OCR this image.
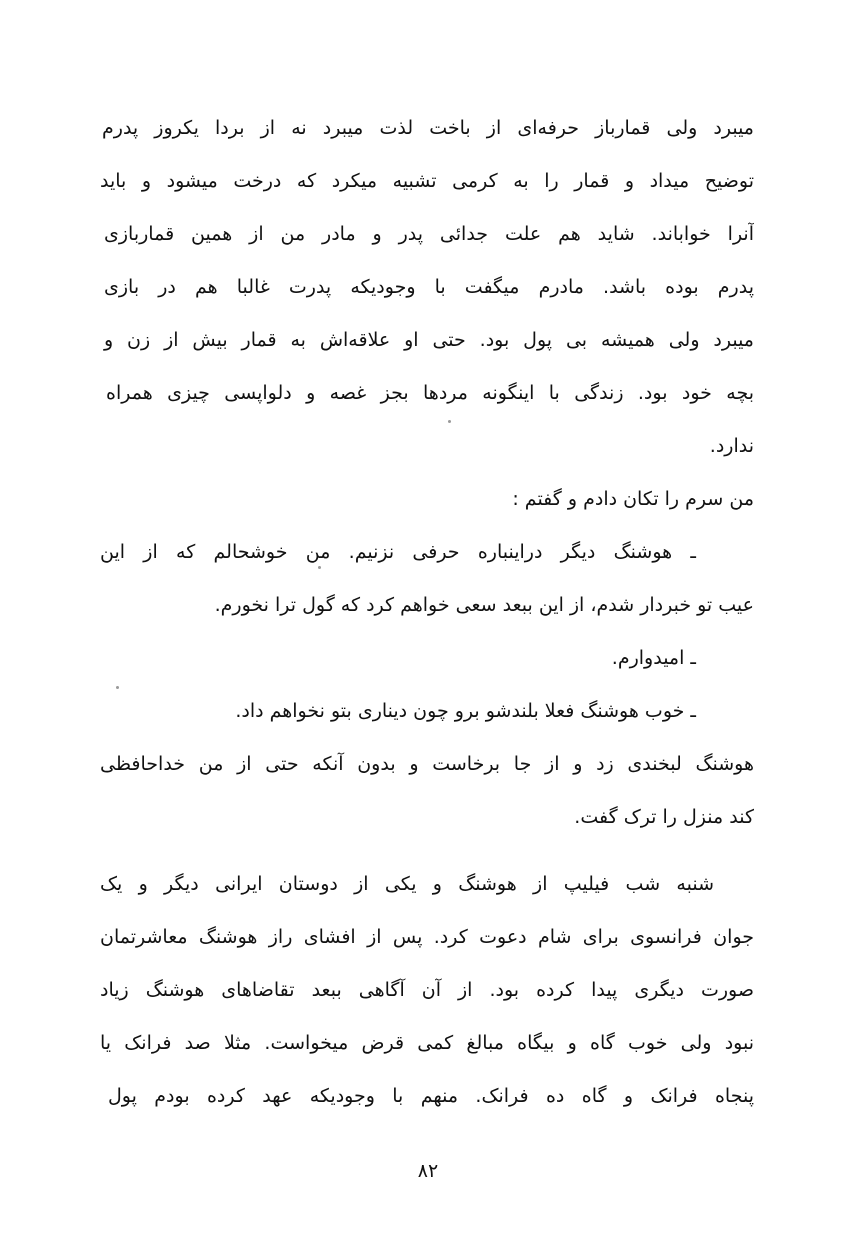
میبرد ولی قمارباز حرفه‌ای از باخت لذت میبرد نه از بردا یکروز پدرم
توضیح میداد و قمار را به کرمی تشبیه میکرد که درخت میشود و باید
آنرا خواباند. شاید هم علت جدائی پدر و مادر من از همین قماربازی
پدرم بوده باشد. مادرم میگفت با وجودیکه پدرت غالبا هم در بازی
میبرد ولی همیشه بی پول بود. حتی او علاقه‌اش به قمار بیش از زن و
بچه خود بود. زندگی با اینگونه مردها بجز غصه و دلواپسی چیزی همراه
ندارد.
من سرم را تکان دادم و گفتم :
ـ هوشنگ دیگر دراینباره حرفی نزنیم. من خوشحالم که از این
عیب تو خبردار شدم، از این ببعد سعی خواهم کرد که گول ترا نخورم.
ـ امیدوارم.
ـ خوب هوشنگ فعلا بلندشو برو چون دیناری بتو نخواهم داد.
هوشنگ لبخندی زد و از جا برخاست و بدون آنکه حتی از من خداحافظی
کند منزل را ترک گفت.
شنبه شب فیلیپ از هوشنگ و یکی از دوستان ایرانی دیگر و یک
جوان فرانسوی برای شام دعوت کرد. پس از افشای راز هوشنگ معاشرتمان
صورت دیگری پیدا کرده بود. از آن آگاهی ببعد تقاضاهای هوشنگ زیاد
نبود ولی خوب گاه و بیگاه مبالغ کمی قرض میخواست. مثلا صد فرانک یا
پنجاه فرانک و گاه ده فرانک. منهم با وجودیکه عهد کرده بودم پول
۸۲
